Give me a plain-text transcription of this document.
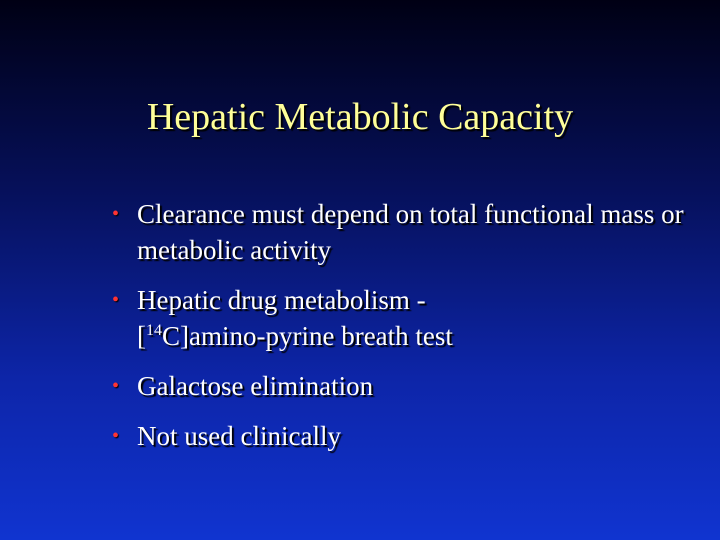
Hepatic Metabolic Capacity
• Clearance must depend on total functional mass or metabolic activity
• Hepatic drug metabolism -
[$^{14}$C]amino-pyrine breath test
• Galactose elimination
• Not used clinically
